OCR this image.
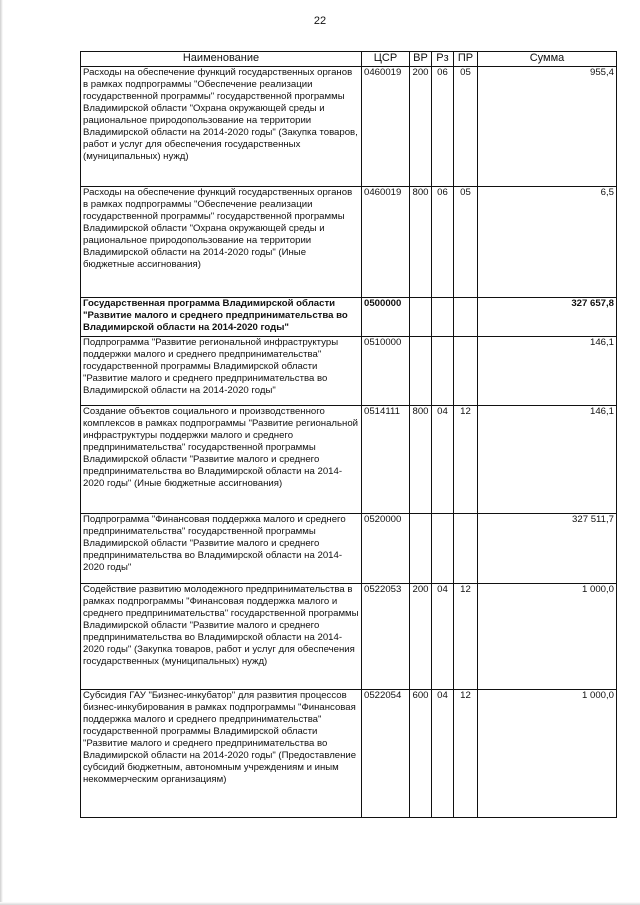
22
Наименование	ЦСР	ВР	Рз	ПР	Сумма
Расходы на обеспечение функций государственных органов в рамках подпрограммы "Обеспечение реализации государственной программы" государственной программы Владимирской области "Охрана окружающей среды и рациональное природопользование на территории Владимирской области на 2014-2020 годы" (Закупка товаров, работ и услуг для обеспечения государственных (муниципальных) нужд)	0460019	200	06	05	955,4
Расходы на обеспечение функций государственных органов в рамках подпрограммы "Обеспечение реализации государственной программы" государственной программы Владимирской области "Охрана окружающей среды и рациональное природопользование на территории Владимирской области на 2014-2020 годы" (Иные бюджетные ассигнования)	0460019	800	06	05	6,5
Государственная программа Владимирской области "Развитие малого и среднего предпринимательства во Владимирской области на 2014-2020 годы"	0500000				327 657,8
Подпрограмма "Развитие региональной инфраструктуры поддержки малого и среднего предпринимательства" государственной программы Владимирской области "Развитие малого и среднего предпринимательства во Владимирской области на 2014-2020 годы"	0510000				146,1
Создание объектов социального и производственного комплексов в рамках подпрограммы "Развитие региональной инфраструктуры поддержки малого и среднего предпринимательства" государственной программы Владимирской области "Развитие малого и среднего предпринимательства во Владимирской области на 2014-2020 годы" (Иные бюджетные ассигнования)	0514111	800	04	12	146,1
Подпрограмма "Финансовая поддержка малого и среднего предпринимательства" государственной программы Владимирской области "Развитие малого и среднего предпринимательства во Владимирской области на 2014-2020 годы"	0520000				327 511,7
Содействие развитию молодежного предпринимательства в рамках подпрограммы "Финансовая поддержка малого и среднего предпринимательства" государственной программы Владимирской области "Развитие малого и среднего предпринимательства во Владимирской области на 2014-2020 годы" (Закупка товаров, работ и услуг для обеспечения государственных (муниципальных) нужд)	0522053	200	04	12	1 000,0
Субсидия ГАУ "Бизнес-инкубатор" для развития процессов бизнес-инкубирования в рамках подпрограммы "Финансовая поддержка малого и среднего предпринимательства" государственной программы Владимирской области "Развитие малого и среднего предпринимательства во Владимирской области на 2014-2020 годы" (Предоставление субсидий бюджетным, автономным учреждениям и иным некоммерческим организациям)	0522054	600	04	12	1 000,0
